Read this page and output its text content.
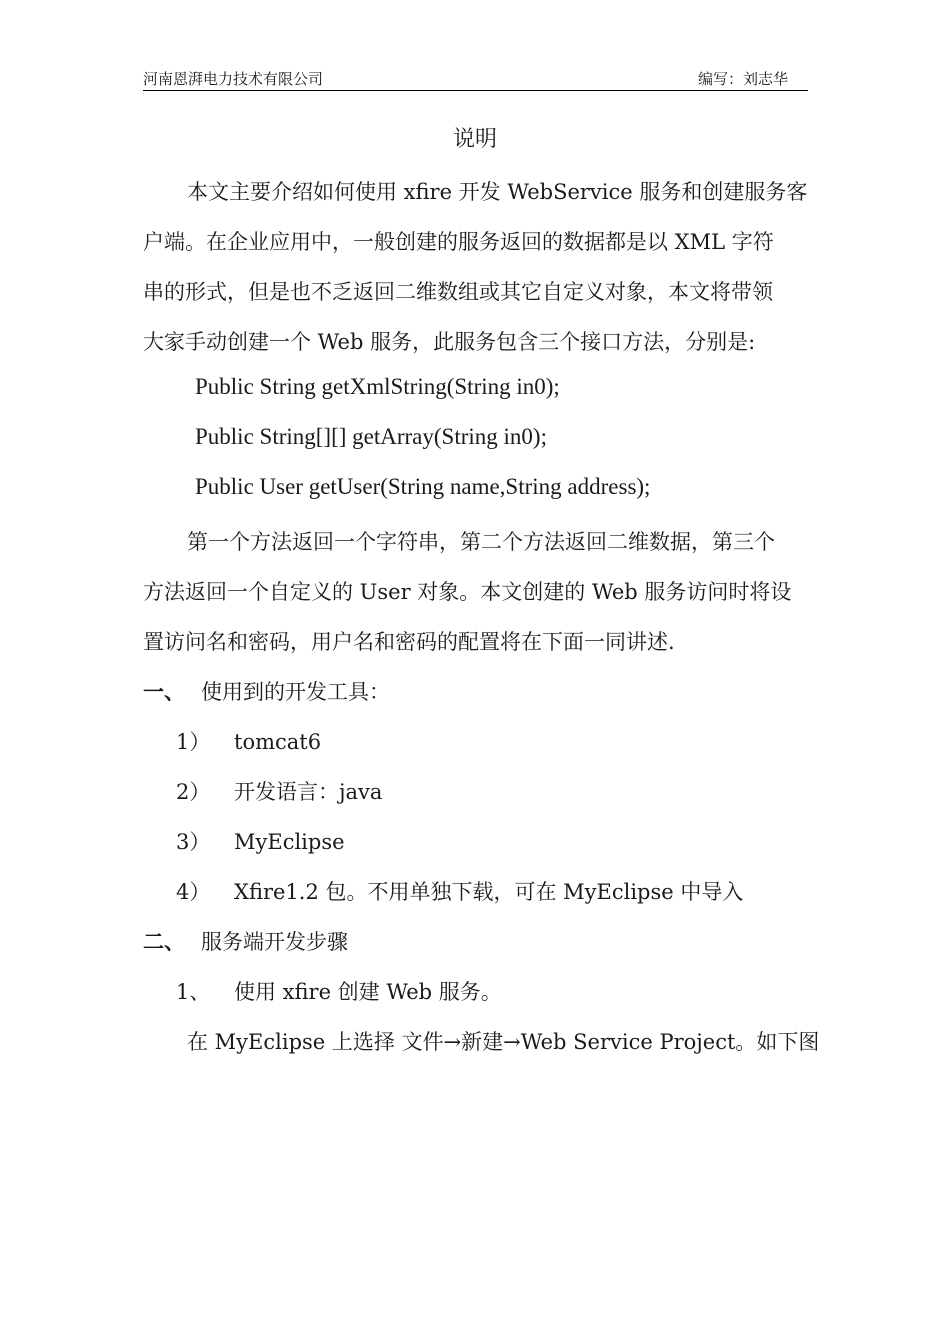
河南恩湃电力技术有限公司	编写：刘志华
说明
本文主要介绍如何使用 xfire 开发 WebService 服务和创建服务客
户端。在企业应用中，一般创建的服务返回的数据都是以 XML 字符
串的形式，但是也不乏返回二维数组或其它自定义对象，本文将带领
大家手动创建一个 Web 服务，此服务包含三个接口方法，分别是:
Public String getXmlString(String in0);
Public String[][] getArray(String in0);
Public User getUser(String name,String address);
第一个方法返回一个字符串，第二个方法返回二维数据，第三个
方法返回一个自定义的 User 对象。本文创建的 Web 服务访问时将设
置访问名和密码，用户名和密码的配置将在下面一同讲述.
一、 使用到的开发工具：
1） tomcat6
2） 开发语言：java
3） MyEclipse
4） Xfire1.2 包。不用单独下载，可在 MyEclipse 中导入
二、 服务端开发步骤
1、 使用 xfire 创建 Web 服务。
在 MyEclipse 上选择 文件→新建→Web Service Project。如下图
